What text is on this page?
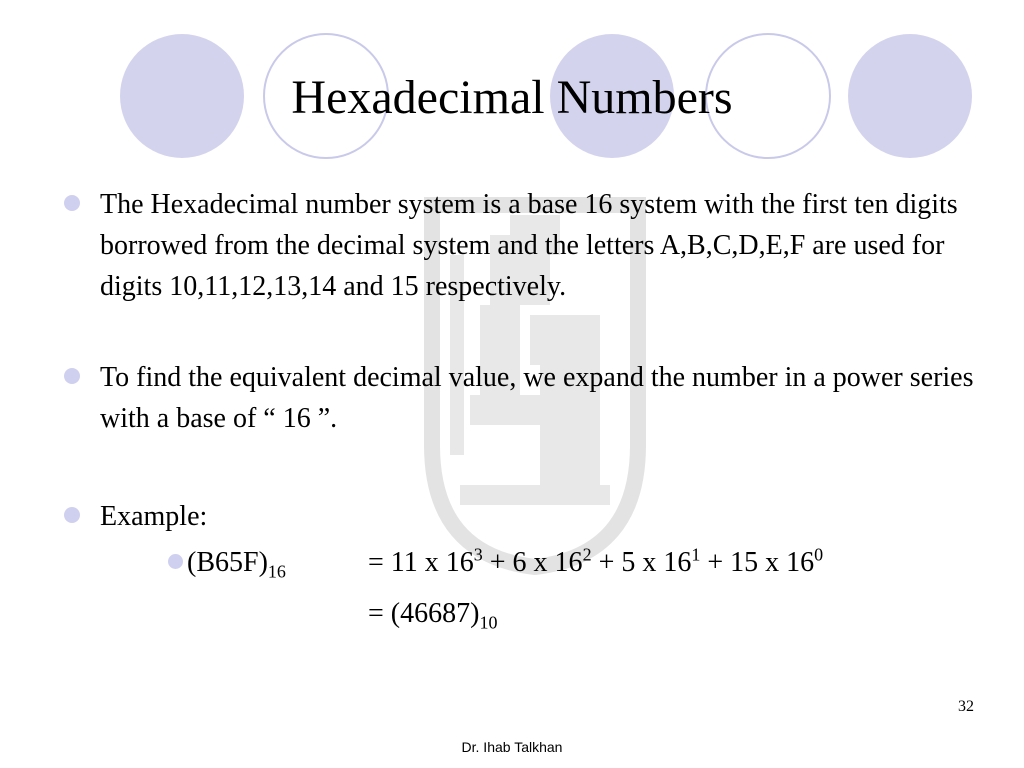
Hexadecimal Numbers

The Hexadecimal number system is a base 16 system with the first ten digits borrowed from the decimal system and the letters A,B,C,D,E,F are used for digits 10,11,12,13,14 and 15 respectively.

To find the equivalent decimal value, we expand the number in a power series with a base of “ 16 ”.

Example:

$(B65F)_{16}$	= 11 x $16^3 + 6$ x $16^2 + 5$ x $16^1 + 15$ x $16^0$
= $(46687)_{10}$
32
Dr. Ihab Talkhan
